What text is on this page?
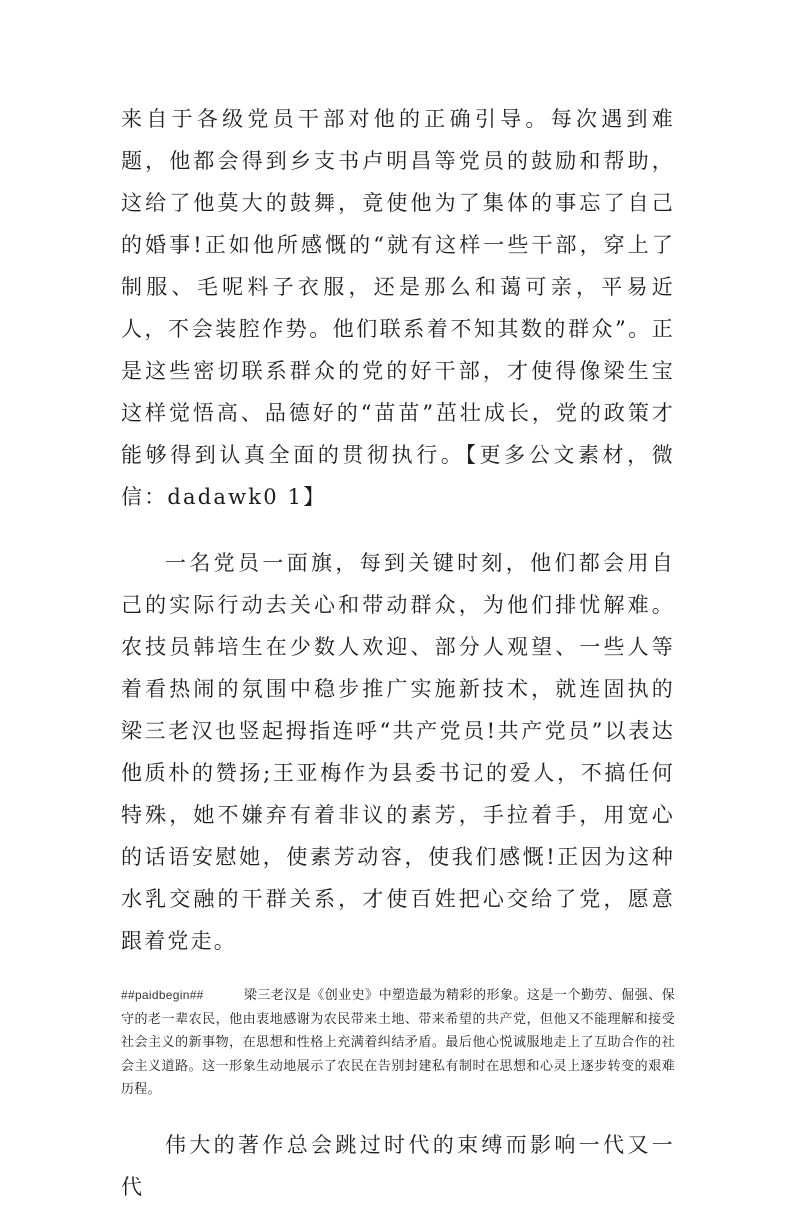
来自于各级党员干部对他的正确引导。每次遇到难题，他都会得到乡支书卢明昌等党员的鼓励和帮助，这给了他莫大的鼓舞，竟使他为了集体的事忘了自己的婚事!正如他所感慨的“就有这样一些干部，穿上了制服、毛呢料子衣服，还是那么和蔼可亲，平易近人，不会装腔作势。他们联系着不知其数的群众”。正是这些密切联系群众的党的好干部，才使得像梁生宝这样觉悟高、品德好的“苗苗”茁壮成长，党的政策才能够得到认真全面的贯彻执行。【更多公文素材，微信：dadawk0 1】

一名党员一面旗，每到关键时刻，他们都会用自己的实际行动去关心和带动群众，为他们排忧解难。农技员韩培生在少数人欢迎、部分人观望、一些人等着看热闹的氛围中稳步推广实施新技术，就连固执的梁三老汉也竖起拇指连呼“共产党员!共产党员”以表达他质朴的赞扬;王亚梅作为县委书记的爱人，不搞任何特殊，她不嫌弃有着非议的素芳，手拉着手，用宽心的话语安慰她，使素芳动容，使我们感慨!正因为这种水乳交融的干群关系，才使百姓把心交给了党，愿意跟着党走。

##paidbegin##	梁三老汉是《创业史》中塑造最为精彩的形象。这是一个勤劳、倔强、保守的老一辈农民，他由衷地感谢为农民带来土地、带来希望的共产党，但他又不能理解和接受社会主义的新事物，在思想和性格上充满着纠结矛盾。最后他心悦诚服地走上了互助合作的社会主义道路。这一形象生动地展示了农民在告别封建私有制时在思想和心灵上逐步转变的艰难历程。

伟大的著作总会跳过时代的束缚而影响一代又一代
